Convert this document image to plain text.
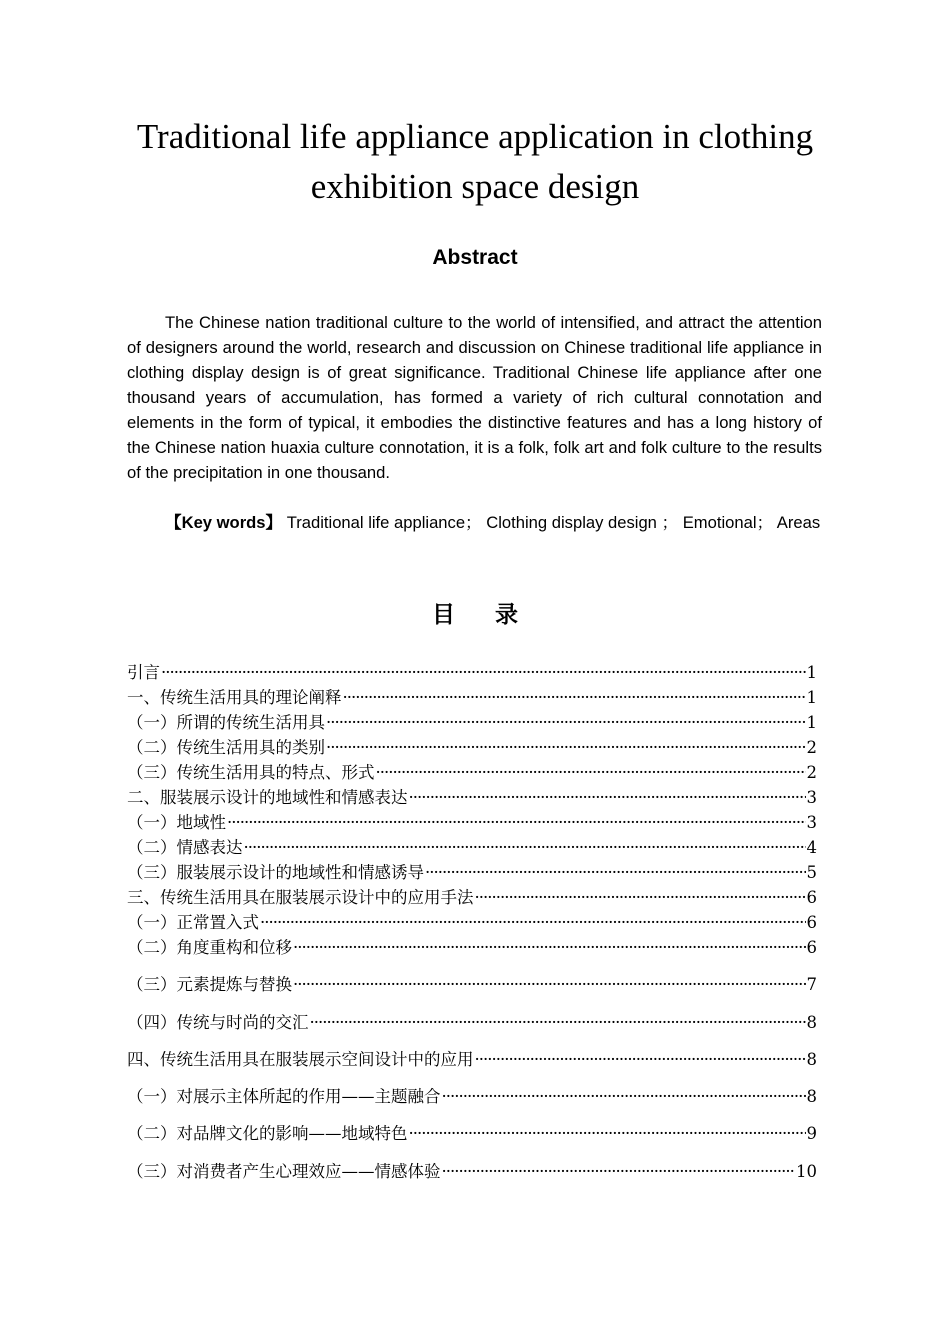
Traditional life appliance application in clothing
exhibition space design
Abstract

The Chinese nation traditional culture to the world of intensified, and attract the attention of designers around the world, research and discussion on Chinese traditional life appliance in clothing display design is of great significance. Traditional Chinese life appliance after one thousand years of accumulation, has formed a variety of rich cultural connotation and elements in the form of typical, it embodies the distinctive features and has a long history of the Chinese nation huaxia culture connotation, it is a folk, folk art and folk culture to the results of the precipitation in one thousand.

【Key words】 Traditional life appliance； Clothing display design ； Emotional； Areas

目录
引言 ·····	1
一、传统生活用具的理论阐释 ·····	1
（一）所谓的传统生活用具 ·····	1
（二）传统生活用具的类别 ·····	2
（三）传统生活用具的特点、形式 ·····	2
二、服装展示设计的地域性和情感表达 ·····	3
（一）地域性 ·····	3
（二）情感表达 ·····	4
（三）服装展示设计的地域性和情感诱导 ·····	5
三、传统生活用具在服装展示设计中的应用手法 ·····	6
（一）正常置入式 ·····	6
（二）角度重构和位移 ·····	6
（三）元素提炼与替换 ·····	7
（四）传统与时尚的交汇 ·····	8
四、传统生活用具在服装展示空间设计中的应用 ·····	8
（一）对展示主体所起的作用——主题融合 ·····	8
（二）对品牌文化的影响——地域特色 ·····	9
（三）对消费者产生心理效应——情感体验 ·····	10
